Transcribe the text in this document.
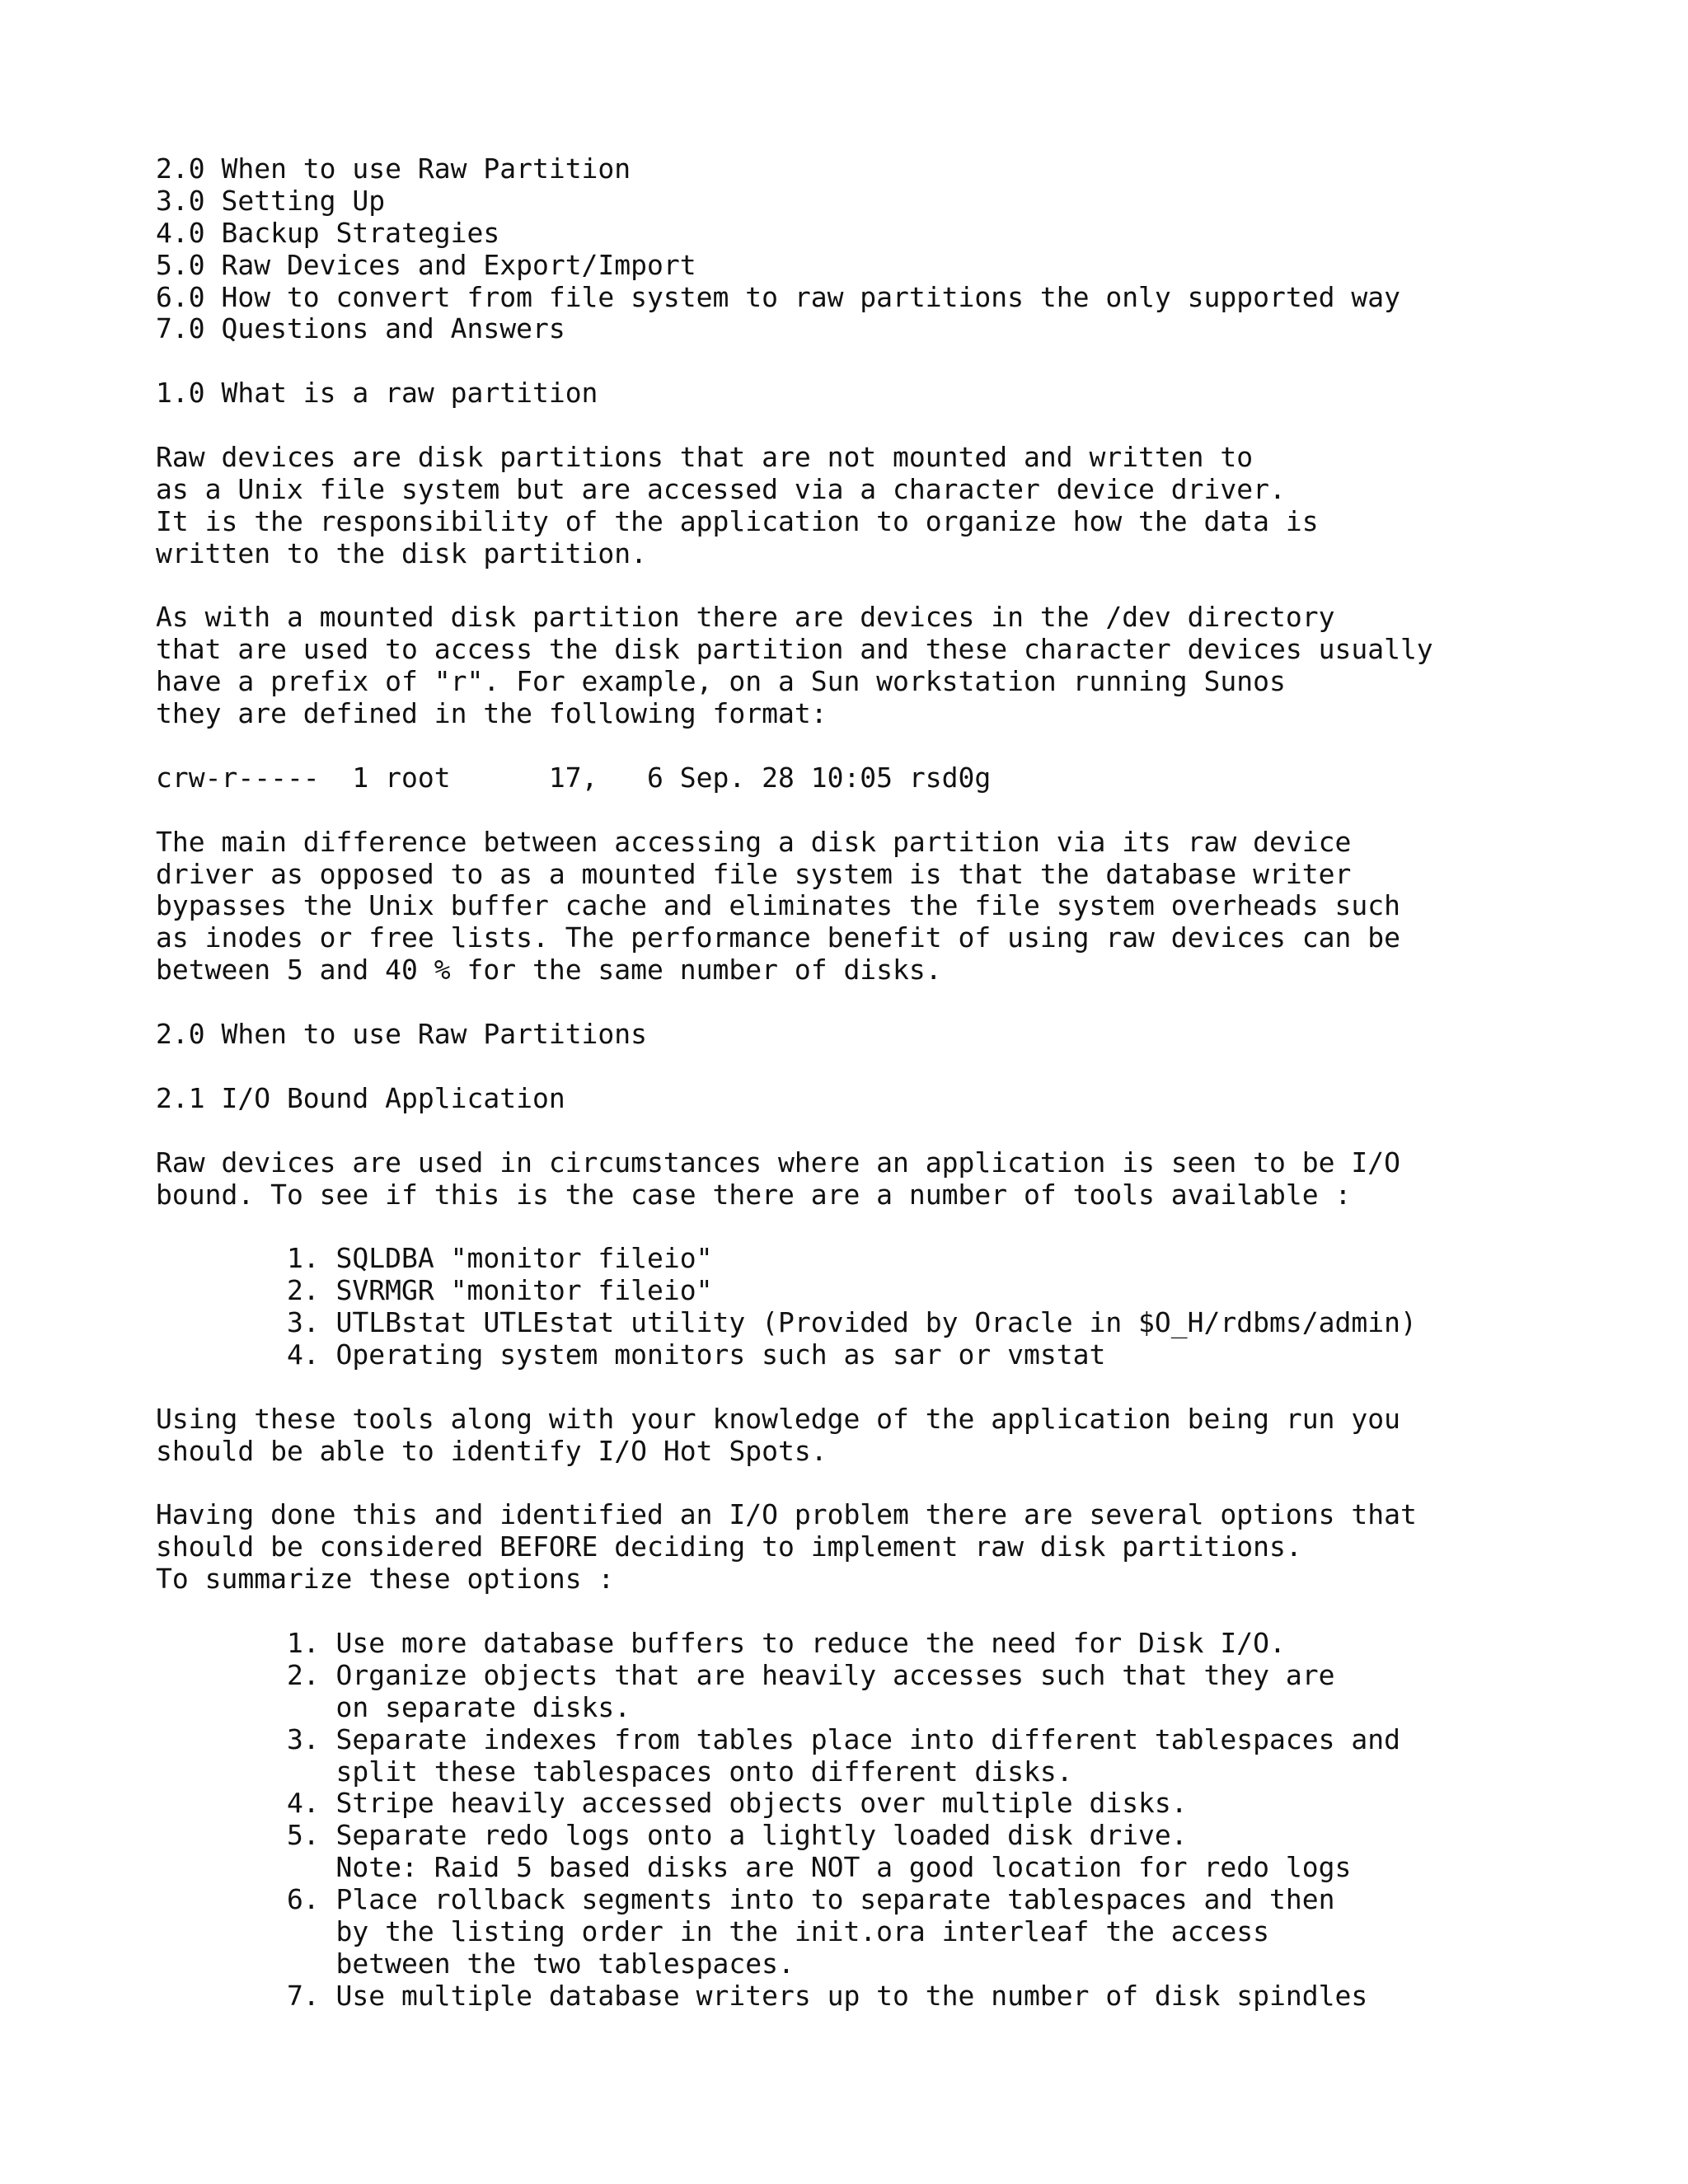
2.0 When to use Raw Partition
3.0 Setting Up
4.0 Backup Strategies
5.0 Raw Devices and Export/Import
6.0 How to convert from file system to raw partitions the only supported way
7.0 Questions and Answers
1.0 What is a raw partition
Raw devices are disk partitions that are not mounted and written to
as a Unix file system but are accessed via a character device driver.
It is the responsibility of the application to organize how the data is
written to the disk partition.
As with a mounted disk partition there are devices in the /dev directory
that are used to access the disk partition and these character devices usually
have a prefix of "r". For example, on a Sun workstation running Sunos
they are defined in the following format:
crw-r-----  1 root      17,   6 Sep. 28 10:05 rsd0g
The main difference between accessing a disk partition via its raw device
driver as opposed to as a mounted file system is that the database writer
bypasses the Unix buffer cache and eliminates the file system overheads such
as inodes or free lists. The performance benefit of using raw devices can be
between 5 and 40 % for the same number of disks.
2.0 When to use Raw Partitions
2.1 I/O Bound Application
Raw devices are used in circumstances where an application is seen to be I/O
bound. To see if this is the case there are a number of tools available :
1. SQLDBA "monitor fileio"
2. SVRMGR "monitor fileio"
3. UTLBstat UTLEstat utility (Provided by Oracle in $O_H/rdbms/admin)
4. Operating system monitors such as sar or vmstat
Using these tools along with your knowledge of the application being run you
should be able to identify I/O Hot Spots.
Having done this and identified an I/O problem there are several options that
should be considered BEFORE deciding to implement raw disk partitions.
To summarize these options :
1. Use more database buffers to reduce the need for Disk I/O.
2. Organize objects that are heavily accesses such that they are
on separate disks.
3. Separate indexes from tables place into different tablespaces and
split these tablespaces onto different disks.
4. Stripe heavily accessed objects over multiple disks.
5. Separate redo logs onto a lightly loaded disk drive.
Note: Raid 5 based disks are NOT a good location for redo logs
6. Place rollback segments into to separate tablespaces and then
by the listing order in the init.ora interleaf the access
between the two tablespaces.
7. Use multiple database writers up to the number of disk spindles
